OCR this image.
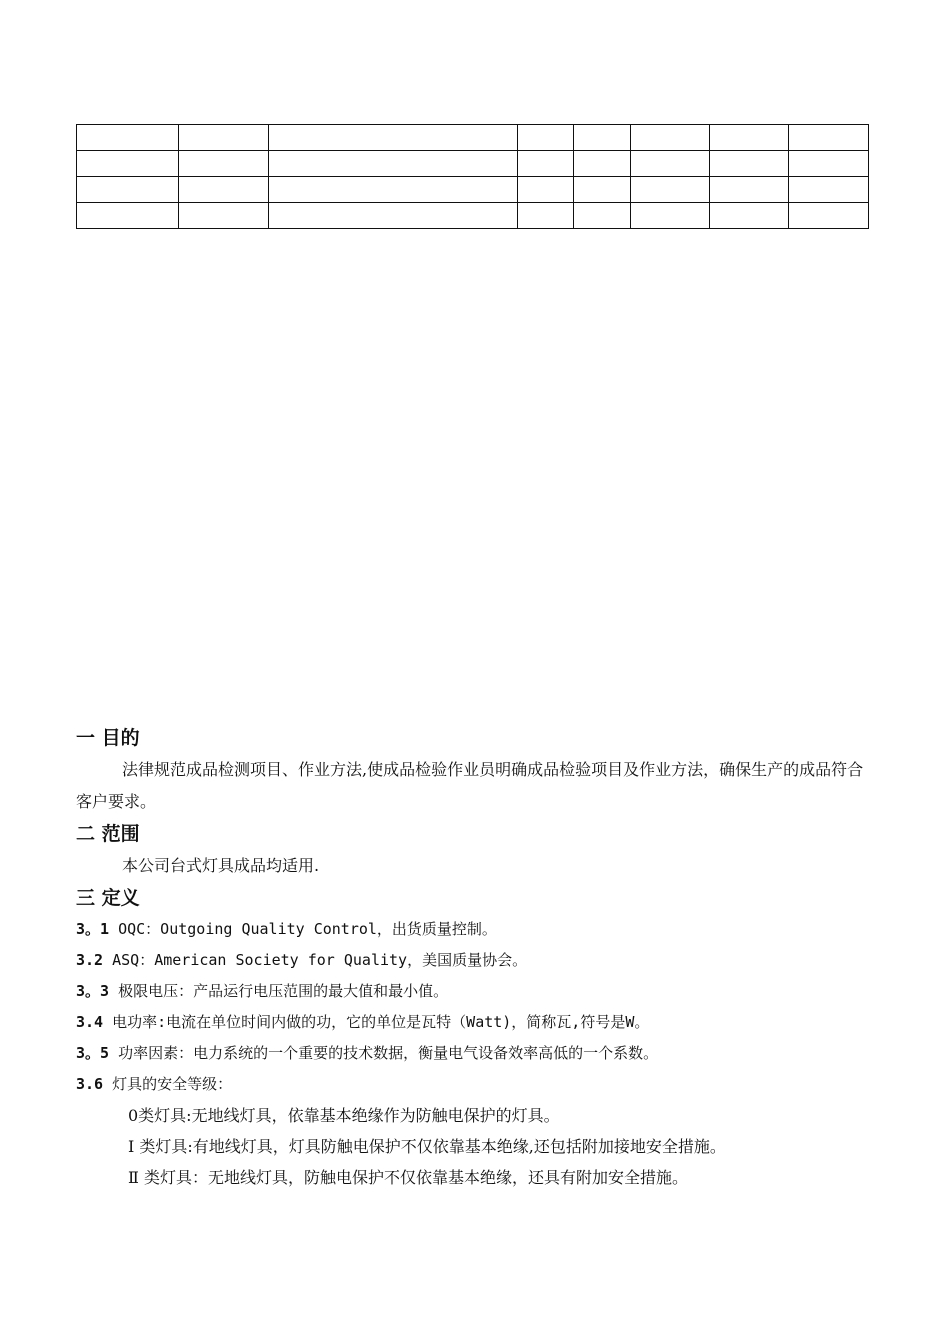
一 目的

法律规范成品检测项目、作业方法,使成品检验作业员明确成品检验项目及作业方法，确保生产的成品符合客户要求。

二 范围

本公司台式灯具成品均适用.

三 定义

3。1 OQC：Outgoing Quality Control，出货质量控制。

3.2 ASQ：American Society for Quality，美国质量协会。

3。3 极限电压：产品运行电压范围的最大值和最小值。

3.4 电功率:电流在单位时间内做的功，它的单位是瓦特（Watt)，简称瓦,符号是W。

3。5 功率因素：电力系统的一个重要的技术数据，衡量电气设备效率高低的一个系数。

3.6 灯具的安全等级：

0类灯具:无地线灯具，依靠基本绝缘作为防触电保护的灯具。

Ⅰ 类灯具:有地线灯具，灯具防触电保护不仅依靠基本绝缘,还包括附加接地安全措施。

Ⅱ 类灯具：无地线灯具，防触电保护不仅依靠基本绝缘，还具有附加安全措施。
